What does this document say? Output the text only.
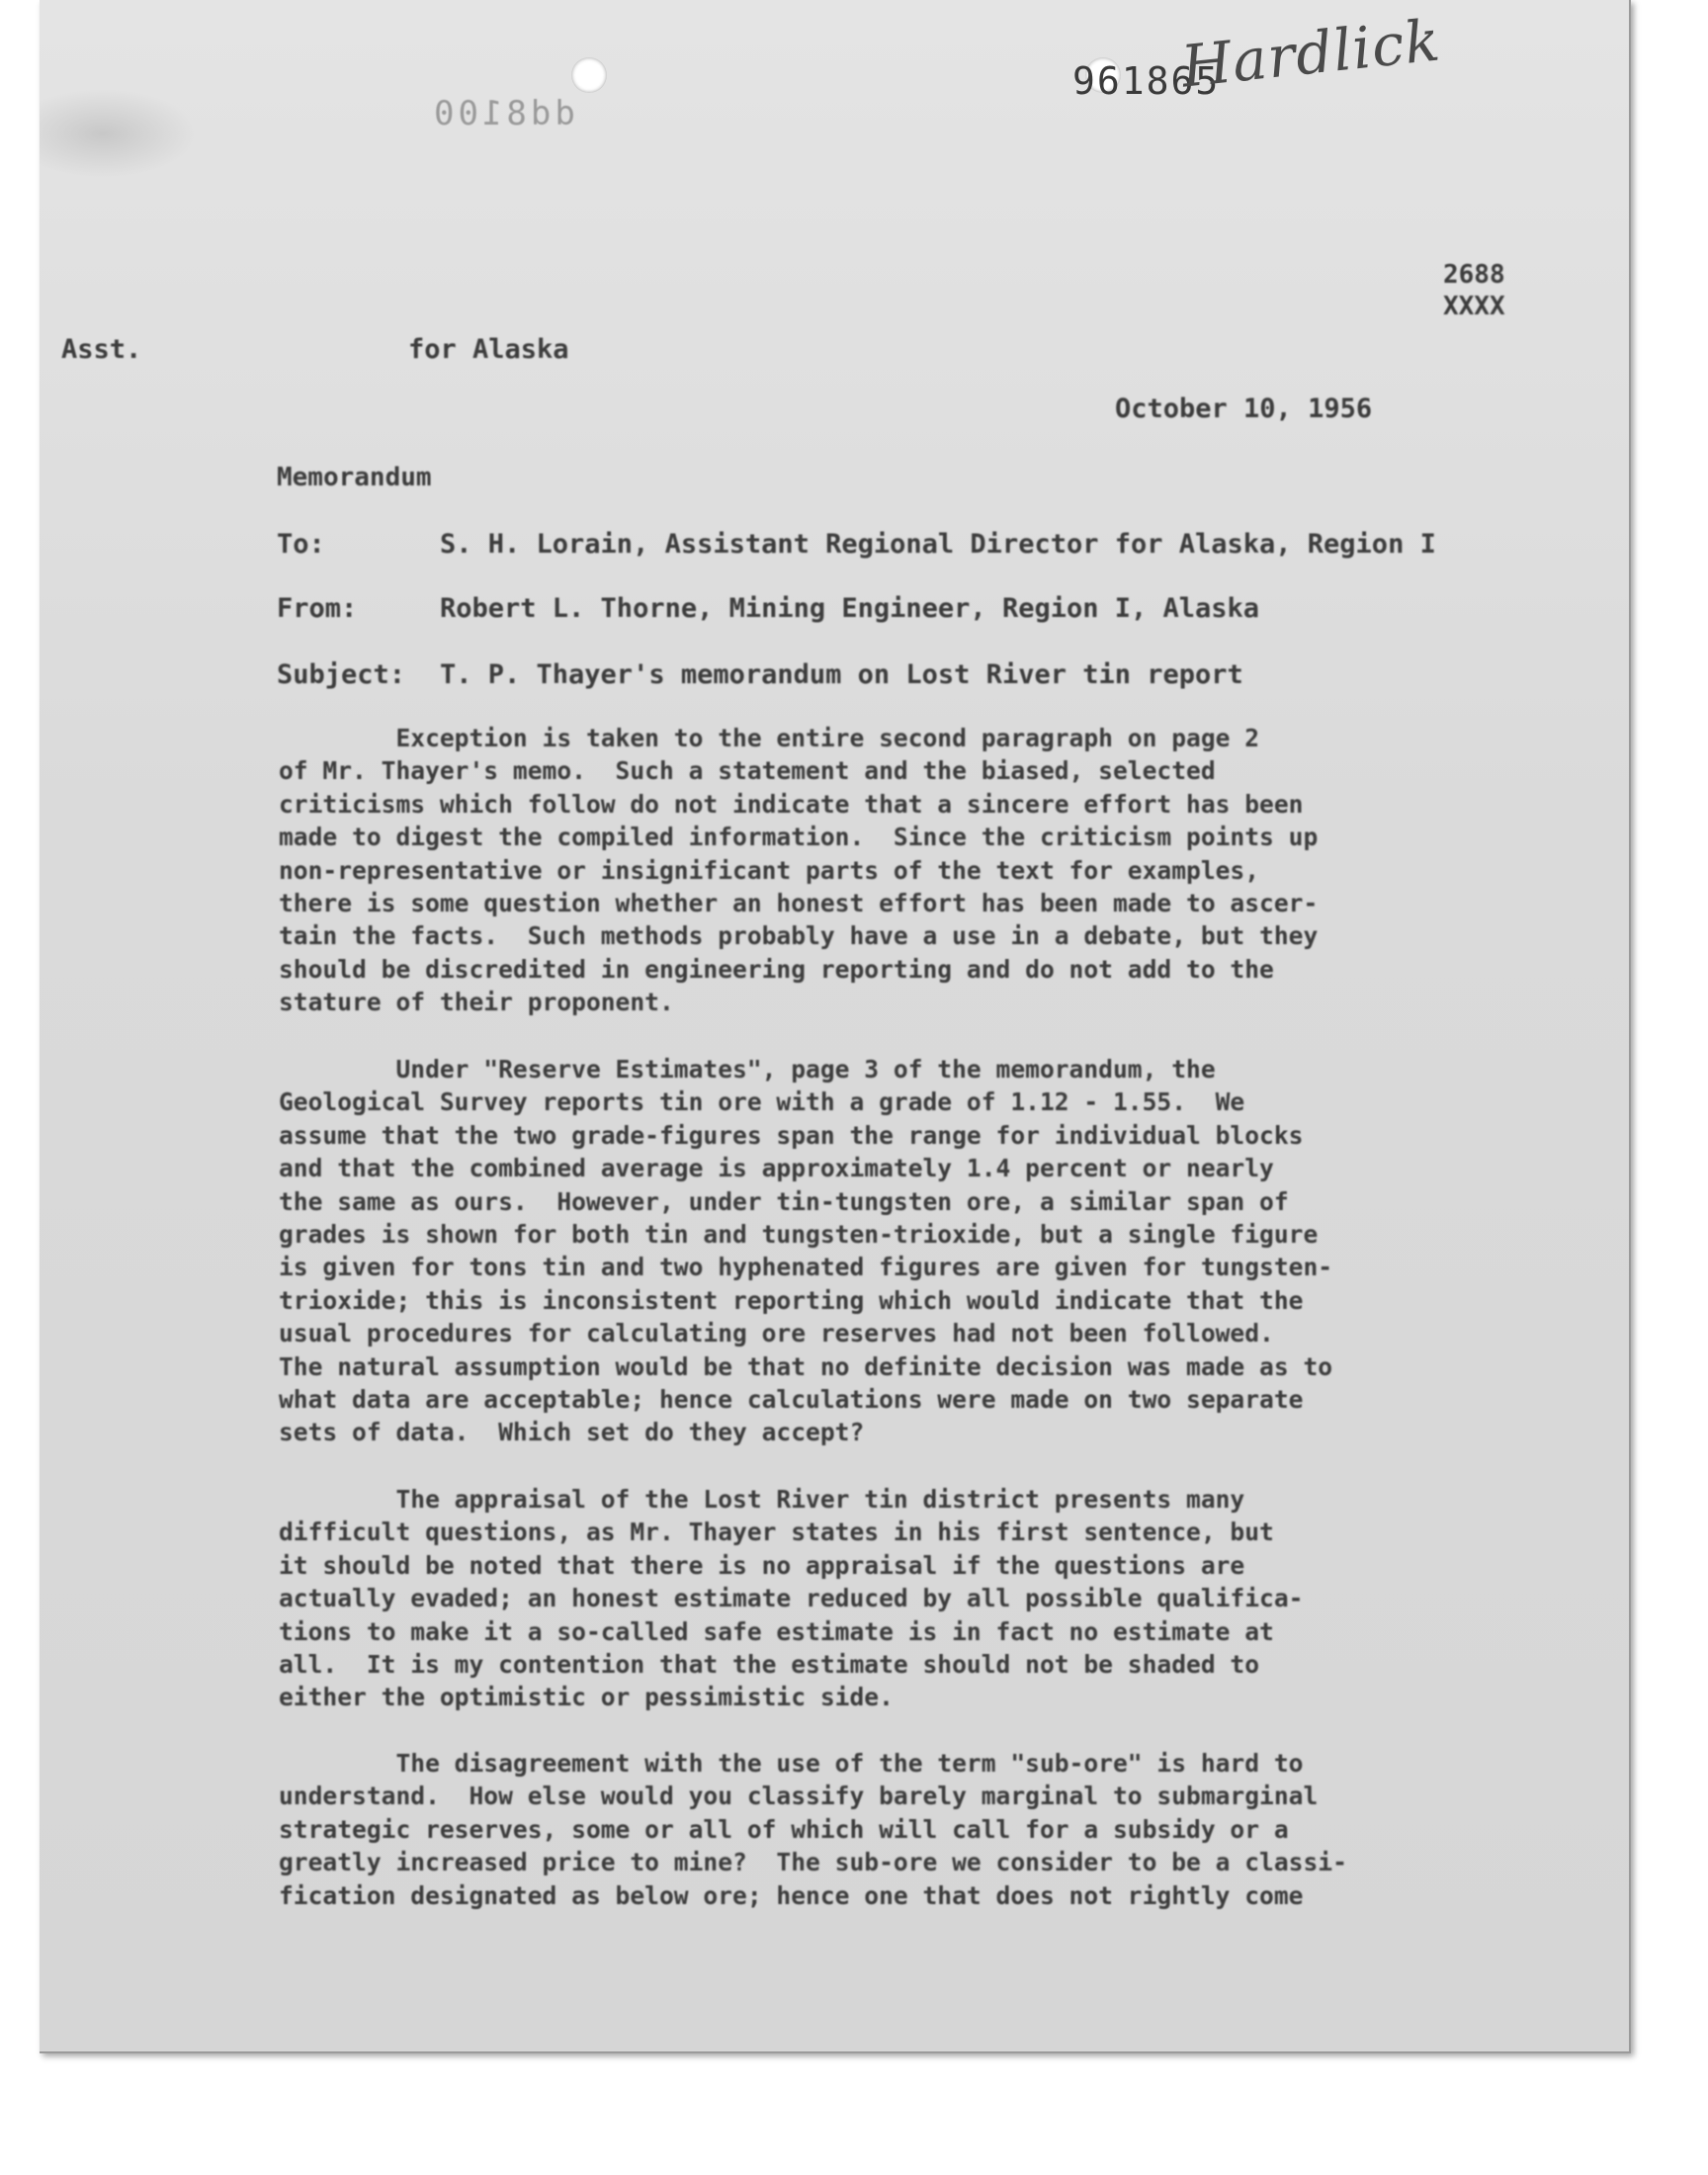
dd8100
961865
Hardlick
2688
XXXX
Asst.	for Alaska
October 10, 1956
Memorandum
To:	S. H. Lorain, Assistant Regional Director for Alaska, Region I
From:	Robert L. Thorne, Mining Engineer, Region I, Alaska
Subject: T. P. Thayer's memorandum on Lost River tin report

Exception is taken to the entire second paragraph on page 2
of Mr. Thayer's memo.  Such a statement and the biased, selected
criticisms which follow do not indicate that a sincere effort has been
made to digest the compiled information.  Since the criticism points up
non-representative or insignificant parts of the text for examples,
there is some question whether an honest effort has been made to ascer-
tain the facts.  Such methods probably have a use in a debate, but they
should be discredited in engineering reporting and do not add to the
stature of their proponent.

Under "Reserve Estimates", page 3 of the memorandum, the
Geological Survey reports tin ore with a grade of 1.12 - 1.55.  We
assume that the two grade-figures span the range for individual blocks
and that the combined average is approximately 1.4 percent or nearly
the same as ours.  However, under tin-tungsten ore, a similar span of
grades is shown for both tin and tungsten-trioxide, but a single figure
is given for tons tin and two hyphenated figures are given for tungsten-
trioxide; this is inconsistent reporting which would indicate that the
usual procedures for calculating ore reserves had not been followed.
The natural assumption would be that no definite decision was made as to
what data are acceptable; hence calculations were made on two separate
sets of data.  Which set do they accept?

The appraisal of the Lost River tin district presents many
difficult questions, as Mr. Thayer states in his first sentence, but
it should be noted that there is no appraisal if the questions are
actually evaded; an honest estimate reduced by all possible qualifica-
tions to make it a so-called safe estimate is in fact no estimate at
all.  It is my contention that the estimate should not be shaded to
either the optimistic or pessimistic side.

The disagreement with the use of the term "sub-ore" is hard to
understand.  How else would you classify barely marginal to submarginal
strategic reserves, some or all of which will call for a subsidy or a
greatly increased price to mine?  The sub-ore we consider to be a classi-
fication designated as below ore; hence one that does not rightly come
